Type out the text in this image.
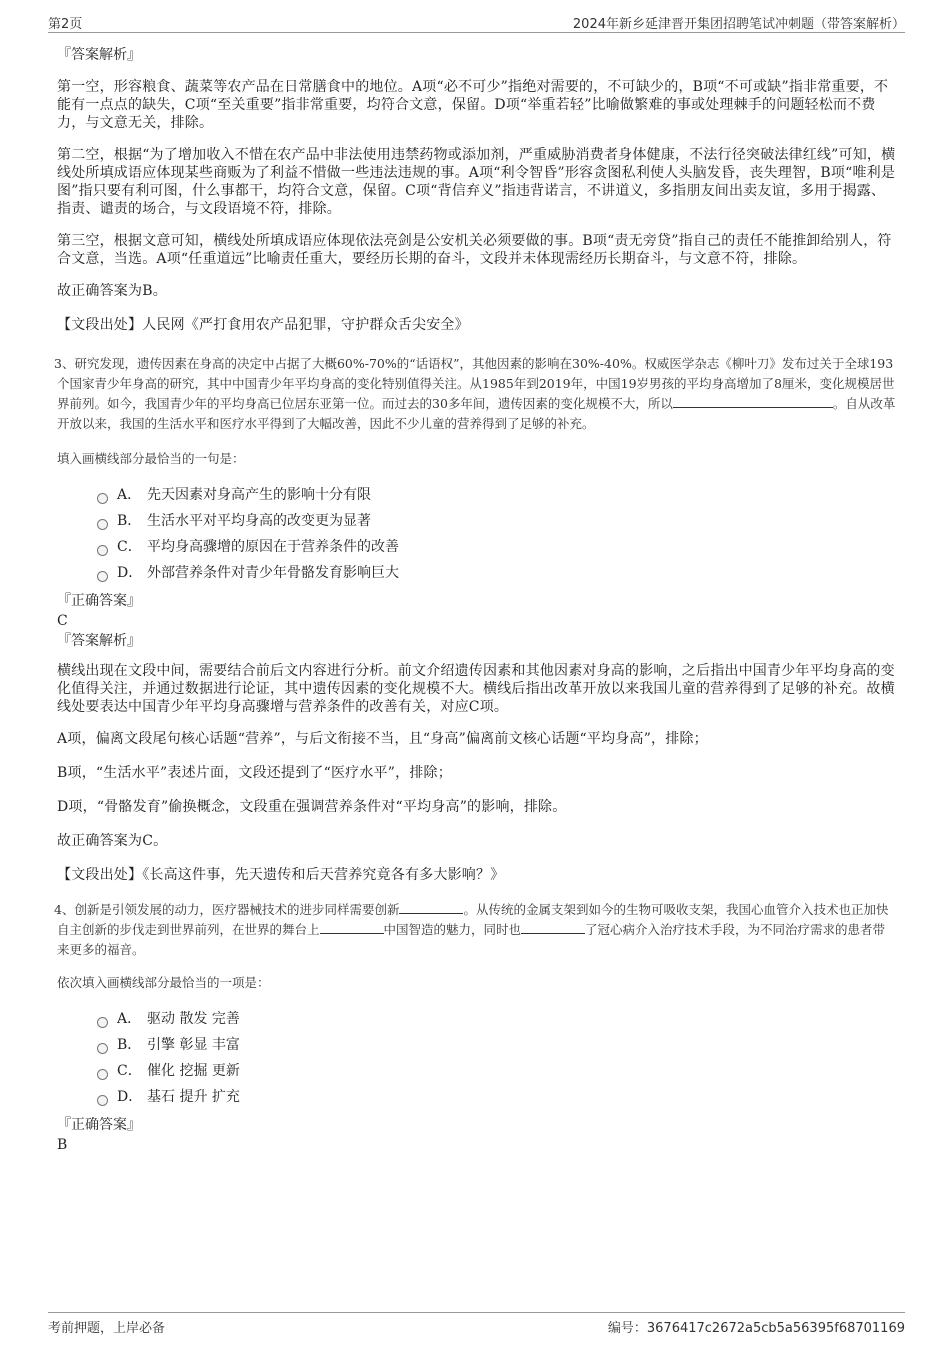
第2页	2024年新乡延津晋开集团招聘笔试冲刺题（带答案解析）
『答案解析』

第一空，形容粮食、蔬菜等农产品在日常膳食中的地位。A项“必不可少”指绝对需要的，不可缺少的，B项“不可或缺”指非常重要，不能有一点点的缺失，C项“至关重要”指非常重要，均符合文意，保留。D项“举重若轻”比喻做繁难的事或处理棘手的问题轻松而不费力，与文意无关，排除。

第二空，根据“为了增加收入不惜在农产品中非法使用违禁药物或添加剂，严重威胁消费者身体健康，不法行径突破法律红线”可知，横线处所填成语应体现某些商贩为了利益不惜做一些违法违规的事。A项“利令智昏”形容贪图私利使人头脑发昏，丧失理智，B项“唯利是图”指只要有利可图，什么事都干，均符合文意，保留。C项“背信弃义”指违背诺言，不讲道义，多指朋友间出卖友谊，多用于揭露、指责、谴责的场合，与文段语境不符，排除。

第三空，根据文意可知，横线处所填成语应体现依法亮剑是公安机关必须要做的事。B项“责无旁贷”指自己的责任不能推卸给别人，符合文意，当选。A项“任重道远”比喻责任重大，要经历长期的奋斗，文段并未体现需经历长期奋斗，与文意不符，排除。

故正确答案为B。

【文段出处】人民网《严打食用农产品犯罪，守护群众舌尖安全》

3、研究发现，遗传因素在身高的决定中占据了大概60%-70%的“话语权”，其他因素的影响在30%-40%。权威医学杂志《柳叶刀》发布过关于全球193个国家青少年身高的研究，其中中国青少年平均身高的变化特别值得关注。从1985年到2019年，中国19岁男孩的平均身高增加了8厘米，变化规模居世界前列。如今，我国青少年的平均身高已位居东亚第一位。而过去的30多年间，遗传因素的变化规模不大，所以	。自从改革开放以来，我国的生活水平和医疗水平得到了大幅改善，因此不少儿童的营养得到了足够的补充。
填入画横线部分最恰当的一句是：
A． 先天因素对身高产生的影响十分有限
B． 生活水平对平均身高的改变更为显著
C． 平均身高骤增的原因在于营养条件的改善
D． 外部营养条件对青少年骨骼发育影响巨大
『正确答案』
C
『答案解析』

横线出现在文段中间，需要结合前后文内容进行分析。前文介绍遗传因素和其他因素对身高的影响，之后指出中国青少年平均身高的变化值得关注，并通过数据进行论证，其中遗传因素的变化规模不大。横线后指出改革开放以来我国儿童的营养得到了足够的补充。故横线处要表达中国青少年平均身高骤增与营养条件的改善有关，对应C项。

A项，偏离文段尾句核心话题“营养”，与后文衔接不当，且“身高”偏离前文核心话题“平均身高”，排除；

B项，“生活水平”表述片面，文段还提到了“医疗水平”，排除；

D项，“骨骼发育”偷换概念，文段重在强调营养条件对“平均身高”的影响，排除。

故正确答案为C。

【文段出处】《长高这件事，先天遗传和后天营养究竟各有多大影响？》

4、创新是引领发展的动力，医疗器械技术的进步同样需要创新	。从传统的金属支架到如今的生物可吸收支架，我国心血管介入技术也正加快自主创新的步伐走到世界前列，在世界的舞台上	中国智造的魅力，同时也	了冠心病介入治疗技术手段，为不同治疗需求的患者带来更多的福音。
依次填入画横线部分最恰当的一项是：
A． 驱动 散发 完善
B． 引擎 彰显 丰富
C． 催化 挖掘 更新
D． 基石 提升 扩充
『正确答案』
B
考前押题，上岸必备	编号：3676417c2672a5cb5a56395f68701169
